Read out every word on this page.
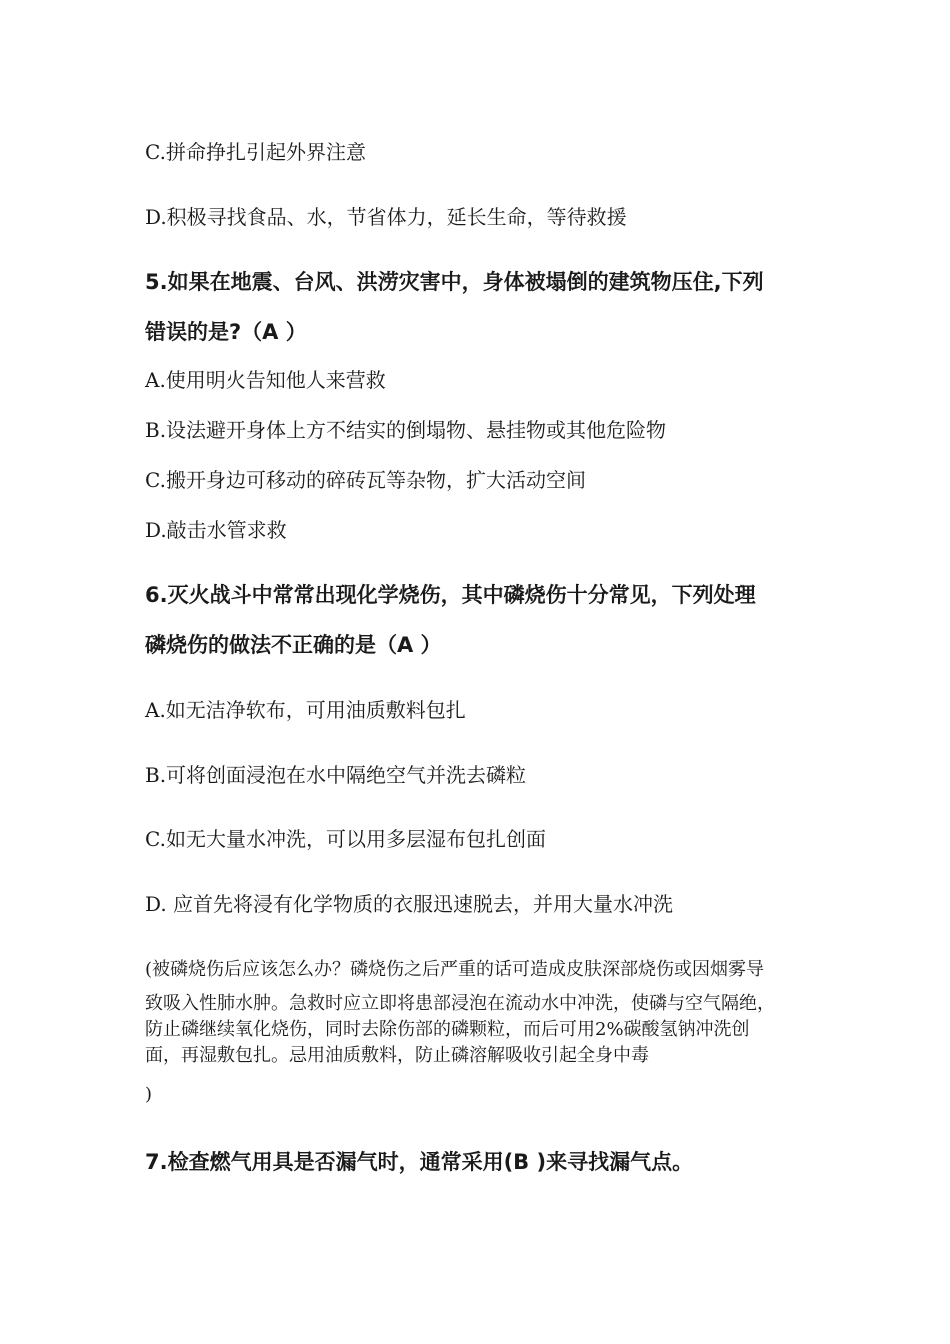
C.拼命挣扎引起外界注意
D.积极寻找食品、水，节省体力，延长生命，等待救援
5.如果在地震、台风、洪涝灾害中，身体被塌倒的建筑物压住,下列
错误的是?（A ）
A.使用明火告知他人来营救
B.设法避开身体上方不结实的倒塌物、悬挂物或其他危险物
C.搬开身边可移动的碎砖瓦等杂物，扩大活动空间
D.敲击水管求救
6.灭火战斗中常常出现化学烧伤，其中磷烧伤十分常见，下列处理
磷烧伤的做法不正确的是（A ）
A.如无洁净软布，可用油质敷料包扎
B.可将创面浸泡在水中隔绝空气并洗去磷粒
C.如无大量水冲洗，可以用多层湿布包扎创面
D. 应首先将浸有化学物质的衣服迅速脱去，并用大量水冲洗
(被磷烧伤后应该怎么办？磷烧伤之后严重的话可造成皮肤深部烧伤或因烟雾导
致吸入性肺水肿。急救时应立即将患部浸泡在流动水中冲洗，使磷与空气隔绝，
防止磷继续氧化烧伤，同时去除伤部的磷颗粒，而后可用2%碳酸氢钠冲洗创
面，再湿敷包扎。忌用油质敷料，防止磷溶解吸收引起全身中毒
)
7.检查燃气用具是否漏气时，通常采用(B )来寻找漏气点。
